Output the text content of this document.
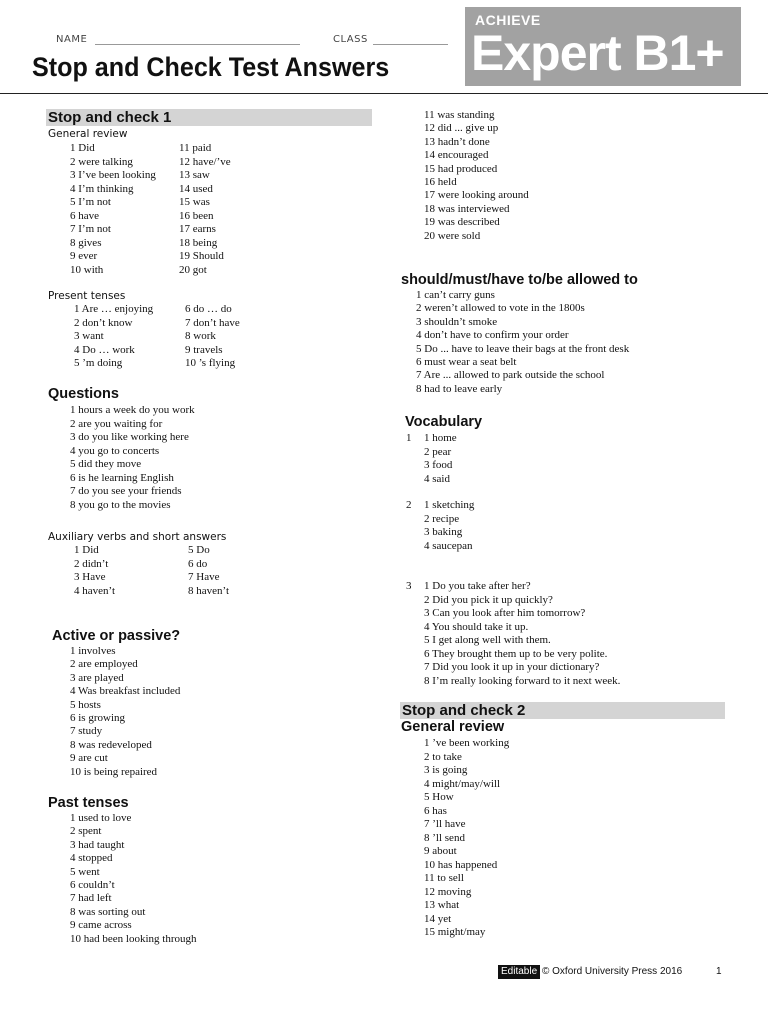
NAME	CLASS
Stop and Check Test Answers
ACHIEVE
Expert B1+
Stop and check 1
General review
1 Did
2 were talking
3 I’ve been looking
4 I’m thinking
5 I’m not
6 have
7 I’m not
8 gives
9 ever
10 with
11 paid
12 have/’ve
13 saw
14 used
15 was
16 been
17 earns
18 being
19 Should
20 got
Present tenses
1 Are … enjoying
2 don’t know
3 want
4 Do … work
5 ’m doing
6 do … do
7 don’t have
8 work
9 travels
10 ’s flying
Questions
1 hours a week do you work
2 are you waiting for
3 do you like working here
4 you go to concerts
5 did they move
6 is he learning English
7 do you see your friends
8 you go to the movies
Auxiliary verbs and short answers
1 Did
2 didn’t
3 Have
4 haven’t
5 Do
6 do
7 Have
8 haven’t
Active or passive?
1 involves
2 are employed
3 are played
4 Was breakfast included
5 hosts
6 is growing
7 study
8 was redeveloped
9 are cut
10 is being repaired
Past tenses
1 used to love
2 spent
3 had taught
4 stopped
5 went
6 couldn’t
7 had left
8 was sorting out
9 came across
10 had been looking through
11 was standing
12 did ... give up
13 hadn’t done
14 encouraged
15 had produced
16 held
17 were looking around
18 was interviewed
19 was described
20 were sold
should/must/have to/be allowed to
1 can’t carry guns
2 weren’t allowed to vote in the 1800s
3 shouldn’t smoke
4 don’t have to confirm your order
5 Do ... have to leave their bags at the front desk
6 must wear a seat belt
7 Are ... allowed to park outside the school
8 had to leave early
Vocabulary
1 1 home
2 pear
3 food
4 said
2 1 sketching
2 recipe
3 baking
4 saucepan
3 1 Do you take after her?
2 Did you pick it up quickly?
3 Can you look after him tomorrow?
4 You should take it up.
5 I get along well with them.
6 They brought them up to be very polite.
7 Did you look it up in your dictionary?
8 I’m really looking forward to it next week.
Stop and check 2
General review
1 ’ve been working
2 to take
3 is going
4 might/may/will
5 How
6 has
7 ’ll have
8 ’ll send
9 about
10 has happened
11 to sell
12 moving
13 what
14 yet
15 might/may
Editable © Oxford University Press 2016	1
